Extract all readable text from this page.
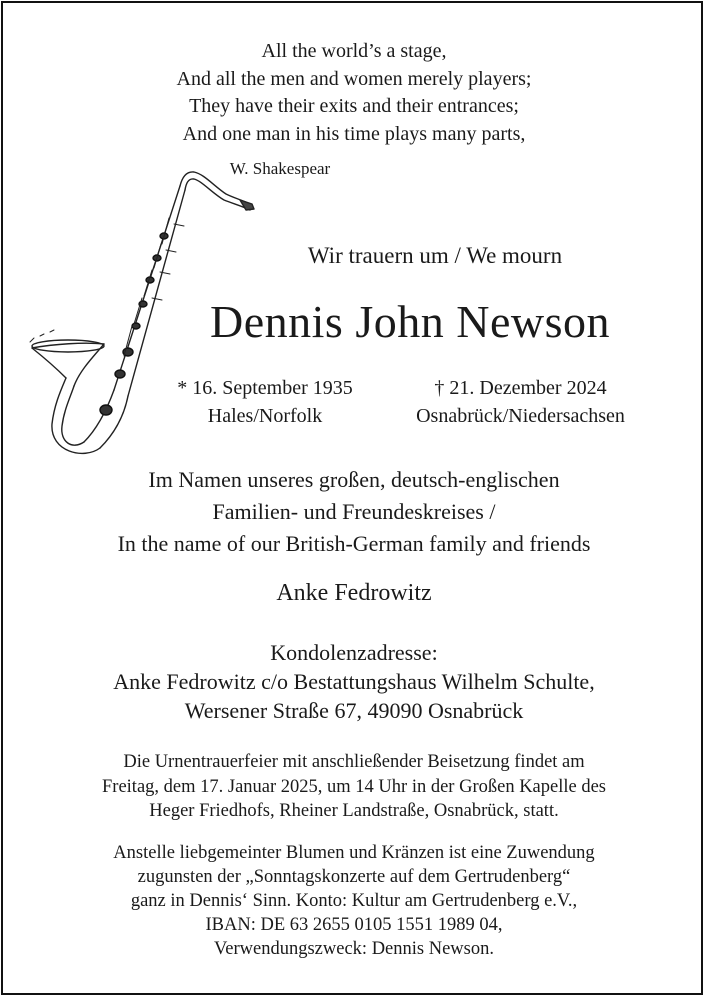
All the world’s a stage,
And all the men and women merely players;
They have their exits and their entrances;
And one man in his time plays many parts,
W. Shakespear
Wir trauern um / We mourn
Dennis John Newson
* 16. September 1935
Hales/Norfolk
† 21. Dezember 2024
Osnabrück/Niedersachsen
Im Namen unseres großen, deutsch-englischen
Familien- und Freundeskreises /
In the name of our British-German family and friends
Anke Fedrowitz
Kondolenzadresse:
Anke Fedrowitz c/o Bestattungshaus Wilhelm Schulte,
Wersener Straße 67, 49090 Osnabrück
Die Urnentrauerfeier mit anschließender Beisetzung findet am
Freitag, dem 17. Januar 2025, um 14 Uhr in der Großen Kapelle des
Heger Friedhofs, Rheiner Landstraße, Osnabrück, statt.
Anstelle liebgemeinter Blumen und Kränzen ist eine Zuwendung
zugunsten der „Sonntagskonzerte auf dem Gertrudenberg“
ganz in Dennis‘ Sinn. Konto: Kultur am Gertrudenberg e.V.,
IBAN: DE 63 2655 0105 1551 1989 04,
Verwendungszweck: Dennis Newson.
